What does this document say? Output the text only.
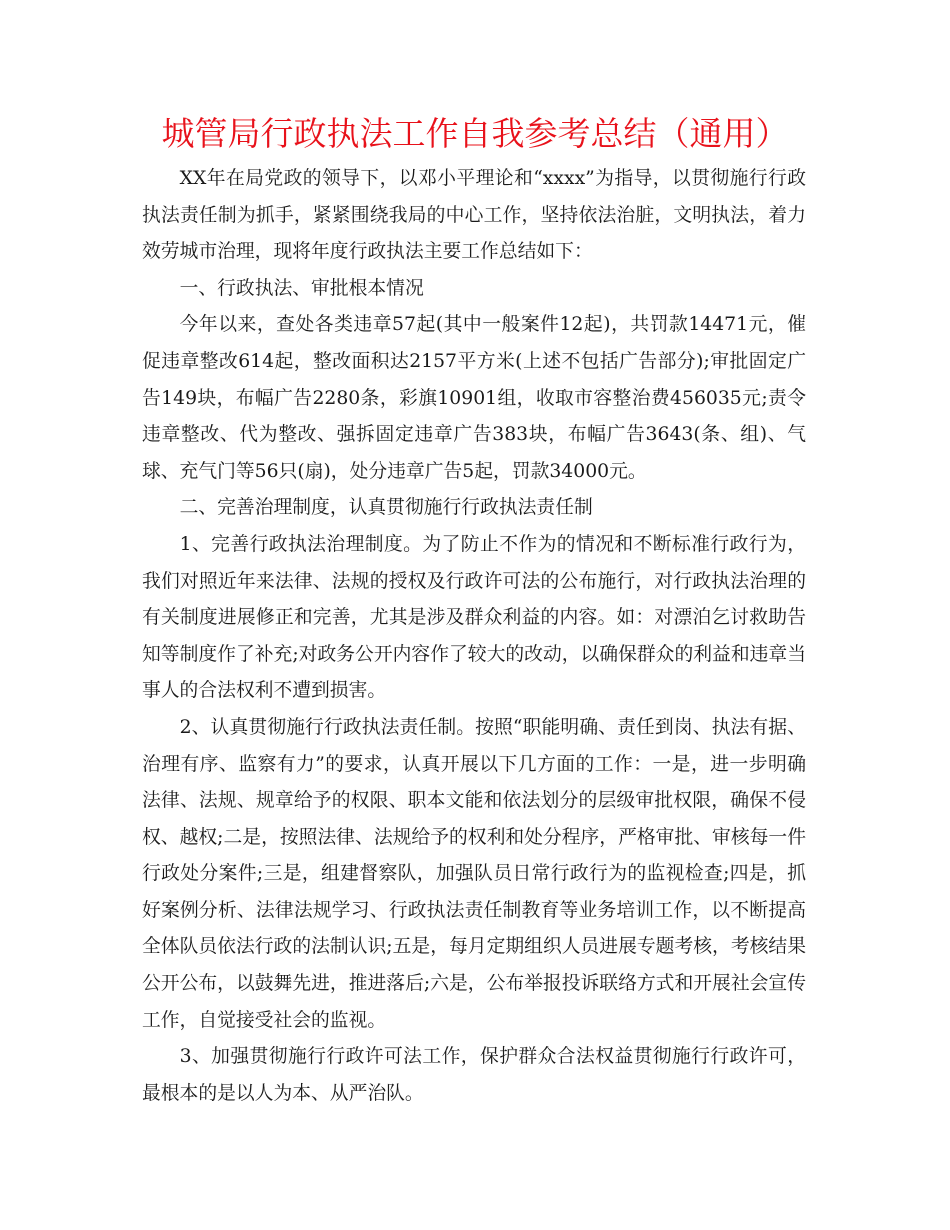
城管局行政执法工作自我参考总结（通用）

XX年在局党政的领导下，以邓小平理论和“xxxx”为指导，以贯彻施行行政执法责任制为抓手，紧紧围绕我局的中心工作，坚持依法治脏，文明执法，着力效劳城市治理，现将年度行政执法主要工作总结如下：

一、行政执法、审批根本情况

今年以来，查处各类违章57起(其中一般案件12起)，共罚款14471元，催促违章整改614起，整改面积达2157平方米(上述不包括广告部分);审批固定广告149块，布幅广告2280条，彩旗10901组，收取市容整治费456035元;责令违章整改、代为整改、强拆固定违章广告383块，布幅广告3643(条、组)、气球、充气门等56只(扇)，处分违章广告5起，罚款34000元。

二、完善治理制度，认真贯彻施行行政执法责任制

1、完善行政执法治理制度。为了防止不作为的情况和不断标准行政行为，我们对照近年来法律、法规的授权及行政许可法的公布施行，对行政执法治理的有关制度进展修正和完善，尤其是涉及群众利益的内容。如：对漂泊乞讨救助告知等制度作了补充;对政务公开内容作了较大的改动，以确保群众的利益和违章当事人的合法权利不遭到损害。

2、认真贯彻施行行政执法责任制。按照“职能明确、责任到岗、执法有据、治理有序、监察有力”的要求，认真开展以下几方面的工作：一是，进一步明确法律、法规、规章给予的权限、职本文能和依法划分的层级审批权限，确保不侵权、越权;二是，按照法律、法规给予的权利和处分程序，严格审批、审核每一件行政处分案件;三是，组建督察队，加强队员日常行政行为的监视检查;四是，抓好案例分析、法律法规学习、行政执法责任制教育等业务培训工作，以不断提高全体队员依法行政的法制认识;五是，每月定期组织人员进展专题考核，考核结果公开公布，以鼓舞先进，推进落后;六是，公布举报投诉联络方式和开展社会宣传工作，自觉接受社会的监视。

3、加强贯彻施行行政许可法工作，保护群众合法权益贯彻施行行政许可，最根本的是以人为本、从严治队。
